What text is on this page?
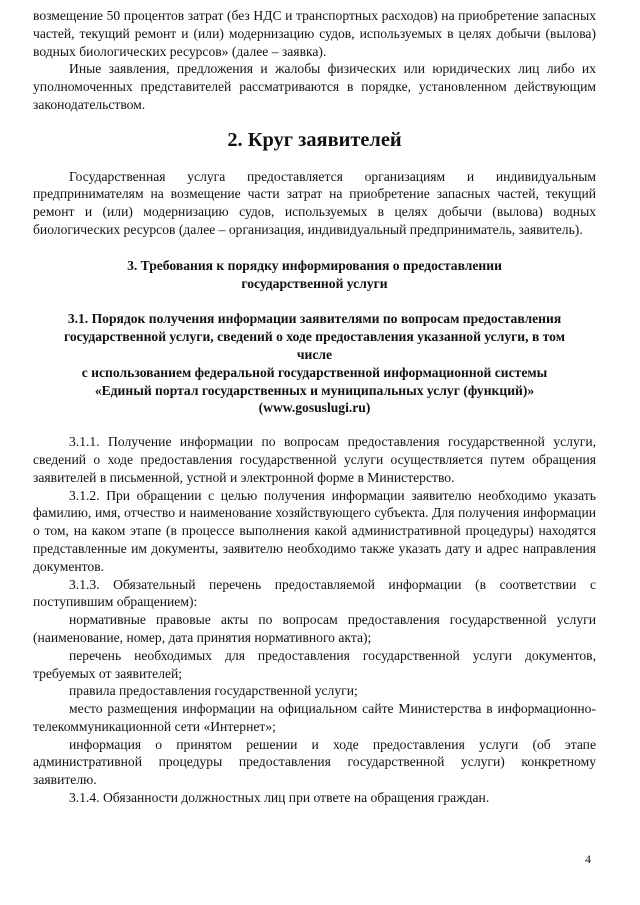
возмещение 50 процентов затрат (без НДС и транспортных расходов) на приобретение запасных частей, текущий ремонт и (или) модернизацию судов, используемых в целях добычи (вылова) водных биологических ресурсов» (далее – заявка).

Иные заявления, предложения и жалобы физических или юридических лиц либо их уполномоченных представителей рассматриваются в порядке, установленном действующим законодательством.

2. Круг заявителей

Государственная услуга предоставляется организациям и индивидуальным предпринимателям на возмещение части затрат на приобретение запасных частей, текущий ремонт и (или) модернизацию судов, используемых в целях добычи (вылова) водных биологических ресурсов (далее – организация, индивидуальный предприниматель, заявитель).

3. Требования к порядку информирования о предоставлении
государственной услуги
3.1. Порядок получения информации заявителями по вопросам предоставления
государственной услуги, сведений о ходе предоставления указанной услуги, в том
числе
с использованием федеральной государственной информационной системы
«Единый портал государственных и муниципальных услуг (функций)»
(www.gosuslugi.ru)

3.1.1. Получение информации по вопросам предоставления государственной услуги, сведений о ходе предоставления государственной услуги осуществляется путем обращения заявителей в письменной, устной и электронной форме в Министерство.

3.1.2. При обращении с целью получения информации заявителю необходимо указать фамилию, имя, отчество и наименование хозяйствующего субъекта. Для получения информации о том, на каком этапе (в процессе выполнения какой административной процедуры) находятся представленные им документы, заявителю необходимо также указать дату и адрес направления документов.

3.1.3. Обязательный перечень предоставляемой информации (в соответствии с поступившим обращением):

нормативные правовые акты по вопросам предоставления государственной услуги (наименование, номер, дата принятия нормативного акта);

перечень необходимых для предоставления государственной услуги документов, требуемых от заявителей;

правила предоставления государственной услуги;

место размещения информации на официальном сайте Министерства в информационно-телекоммуникационной сети «Интернет»;

информация о принятом решении и ходе предоставления услуги (об этапе административной процедуры предоставления государственной услуги) конкретному заявителю.

3.1.4. Обязанности должностных лиц при ответе на обращения граждан.

4
